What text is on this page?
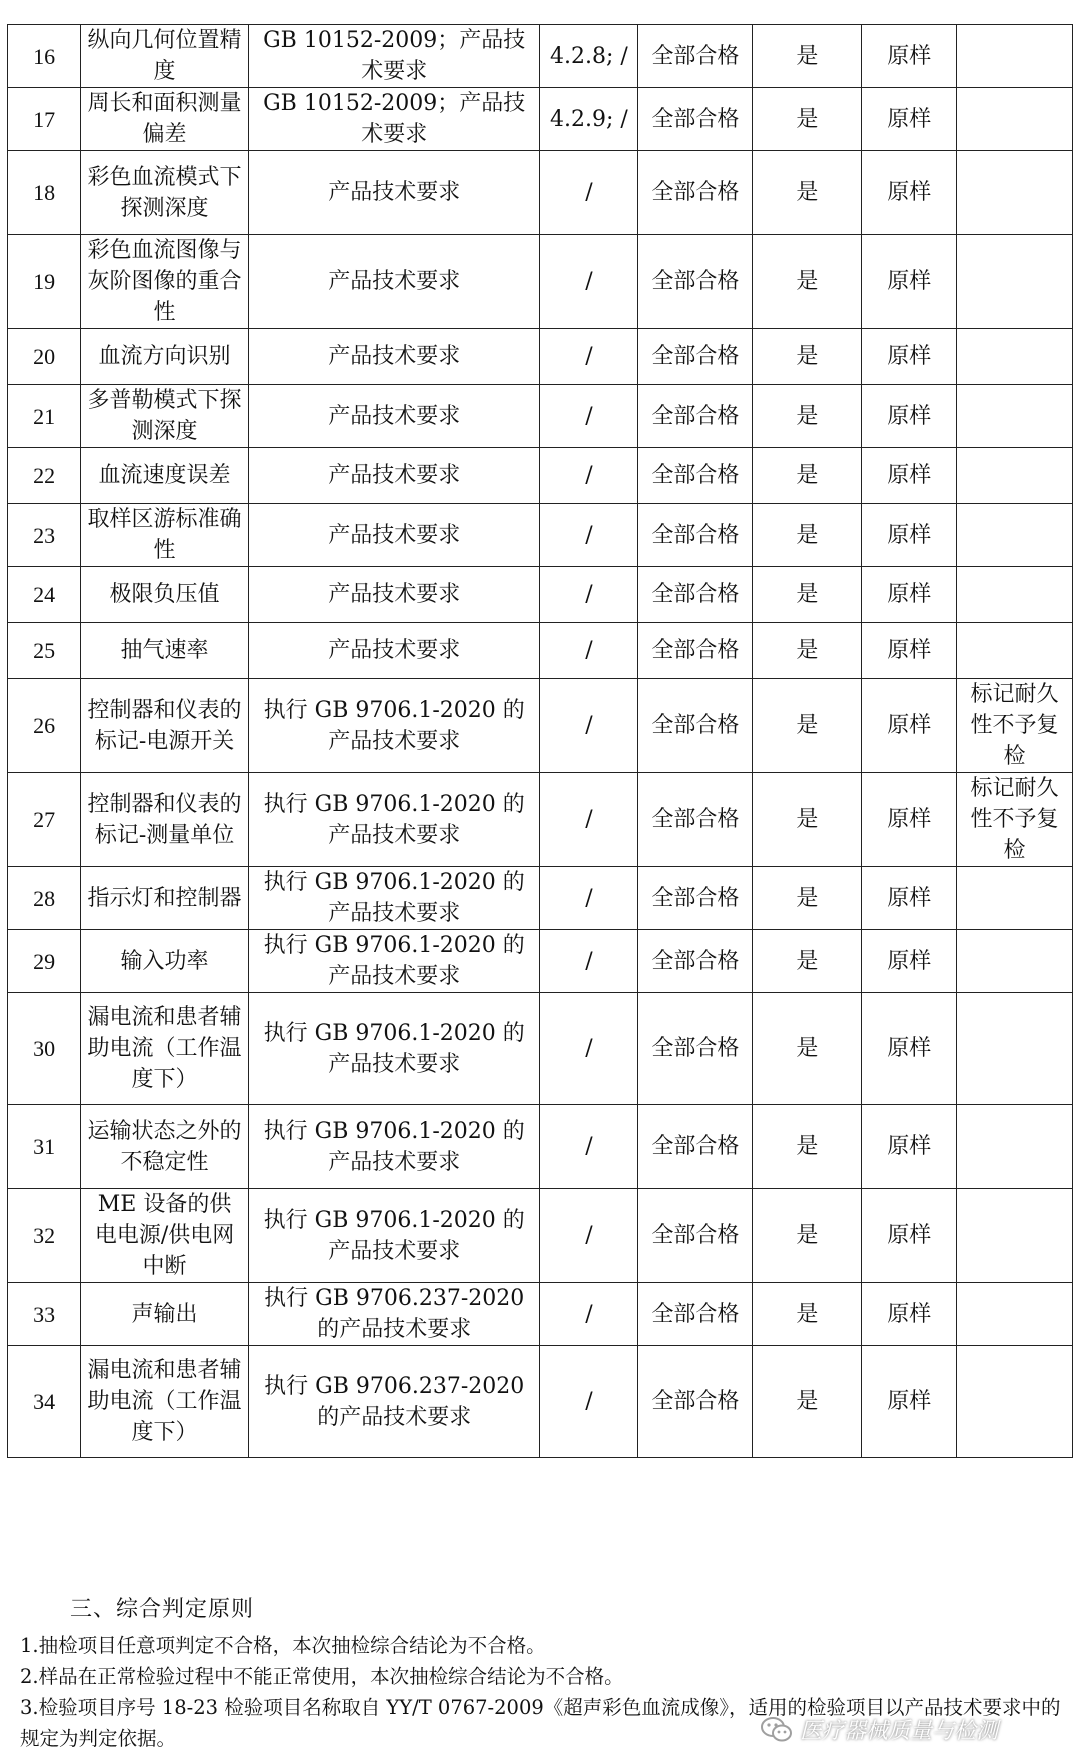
16	纵向几何位置精度	GB 10152-2009；产品技术要求	4.2.8; /	全部合格	是	原样	
17	周长和面积测量偏差	GB 10152-2009；产品技术要求	4.2.9; /	全部合格	是	原样	
18	彩色血流模式下探测深度	产品技术要求	/	全部合格	是	原样	
19	彩色血流图像与灰阶图像的重合性	产品技术要求	/	全部合格	是	原样	
20	血流方向识别	产品技术要求	/	全部合格	是	原样	
21	多普勒模式下探测深度	产品技术要求	/	全部合格	是	原样	
22	血流速度误差	产品技术要求	/	全部合格	是	原样	
23	取样区游标准确性	产品技术要求	/	全部合格	是	原样	
24	极限负压值	产品技术要求	/	全部合格	是	原样	
25	抽气速率	产品技术要求	/	全部合格	是	原样	
26	控制器和仪表的标记-电源开关	执行 GB 9706.1-2020 的产品技术要求	/	全部合格	是	原样	标记耐久性不予复检
27	控制器和仪表的标记-测量单位	执行 GB 9706.1-2020 的产品技术要求	/	全部合格	是	原样	标记耐久性不予复检
28	指示灯和控制器	执行 GB 9706.1-2020 的产品技术要求	/	全部合格	是	原样	
29	输入功率	执行 GB 9706.1-2020 的产品技术要求	/	全部合格	是	原样	
30	漏电流和患者辅助电流（工作温度下）	执行 GB 9706.1-2020 的产品技术要求	/	全部合格	是	原样	
31	运输状态之外的不稳定性	执行 GB 9706.1-2020 的产品技术要求	/	全部合格	是	原样	
32	ME 设备的供电电源/供电网中断	执行 GB 9706.1-2020 的产品技术要求	/	全部合格	是	原样	
33	声输出	执行 GB 9706.237-2020 的产品技术要求	/	全部合格	是	原样	
34	漏电流和患者辅助电流（工作温度下）	执行 GB 9706.237-2020 的产品技术要求	/	全部合格	是	原样	
三、综合判定原则

1.抽检项目任意项判定不合格，本次抽检综合结论为不合格。

2.样品在正常检验过程中不能正常使用，本次抽检综合结论为不合格。

3.检验项目序号 18-23 检验项目名称取自 YY/T 0767-2009《超声彩色血流成像》，适用的检验项目以产品技术要求中的规定为判定依据。	医疗器械质量与检测
